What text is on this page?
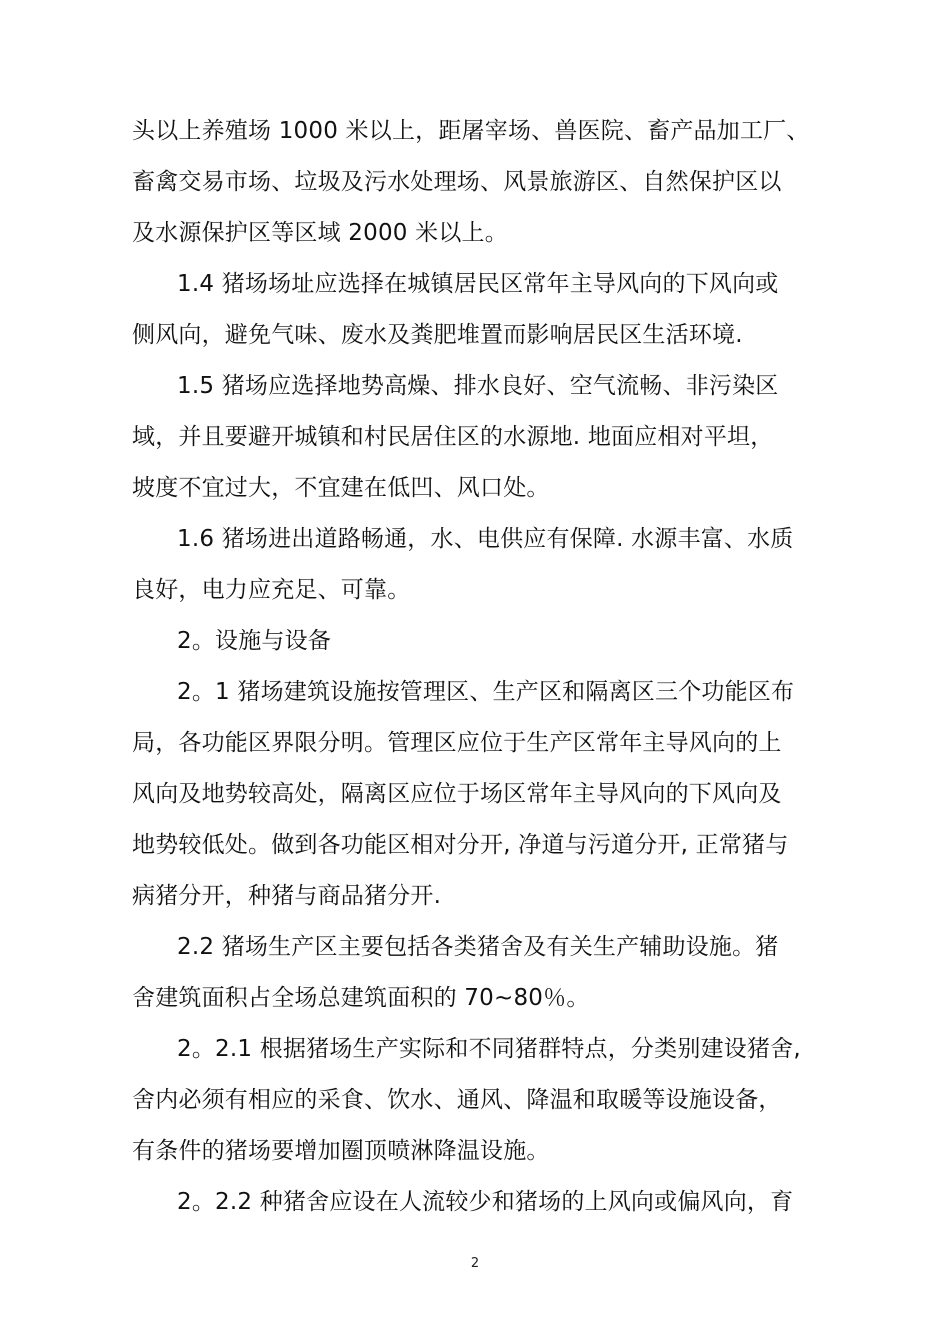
头以上养殖场 1000 米以上，距屠宰场、兽医院、畜产品加工厂、
畜禽交易市场、垃圾及污水处理场、风景旅游区、自然保护区以
及水源保护区等区域 2000 米以上。
1.4 猪场场址应选择在城镇居民区常年主导风向的下风向或
侧风向，避免气味、废水及粪肥堆置而影响居民区生活环境.
1.5 猪场应选择地势高燥、排水良好、空气流畅、非污染区
域，并且要避开城镇和村民居住区的水源地. 地面应相对平坦，
坡度不宜过大，不宜建在低凹、风口处。
1.6 猪场进出道路畅通，水、电供应有保障. 水源丰富、水质
良好，电力应充足、可靠。
2。设施与设备
2。1 猪场建筑设施按管理区、生产区和隔离区三个功能区布
局，各功能区界限分明。管理区应位于生产区常年主导风向的上
风向及地势较高处，隔离区应位于场区常年主导风向的下风向及
地势较低处。做到各功能区相对分开, 净道与污道分开, 正常猪与
病猪分开，种猪与商品猪分开.
2.2 猪场生产区主要包括各类猪舍及有关生产辅助设施。猪
舍建筑面积占全场总建筑面积的 70~80％。
2。2.1 根据猪场生产实际和不同猪群特点，分类别建设猪舍,
舍内必须有相应的采食、饮水、通风、降温和取暖等设施设备，
有条件的猪场要增加圈顶喷淋降温设施。
2。2.2 种猪舍应设在人流较少和猪场的上风向或偏风向，育
2
